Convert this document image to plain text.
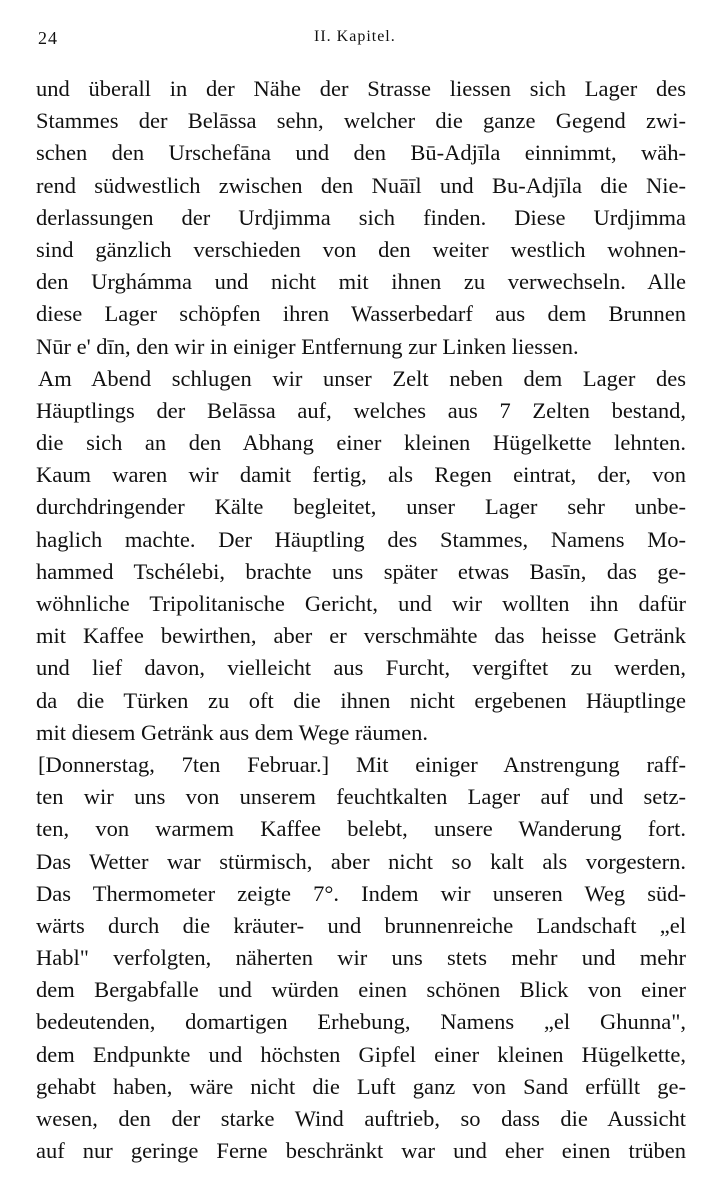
24	II. Kapitel.
und überall in der Nähe der Strasse liessen sich Lager des
Stammes der Belāssa sehn, welcher die ganze Gegend zwi-
schen den Urschefāna und den Bū-Adjīla einnimmt, wäh-
rend südwestlich zwischen den Nuāīl und Bu-Adjīla die Nie-
derlassungen der Urdjimma sich finden. Diese Urdjimma
sind gänzlich verschieden von den weiter westlich wohnen-
den Urghámma und nicht mit ihnen zu verwechseln. Alle
diese Lager schöpfen ihren Wasserbedarf aus dem Brunnen
Nūr e' dīn, den wir in einiger Entfernung zur Linken liessen.
Am Abend schlugen wir unser Zelt neben dem Lager des
Häuptlings der Belāssa auf, welches aus 7 Zelten bestand,
die sich an den Abhang einer kleinen Hügelkette lehnten.
Kaum waren wir damit fertig, als Regen eintrat, der, von
durchdringender Kälte begleitet, unser Lager sehr unbe-
haglich machte. Der Häuptling des Stammes, Namens Mo-
hammed Tschélebi, brachte uns später etwas Basīn, das ge-
wöhnliche Tripolitanische Gericht, und wir wollten ihn dafür
mit Kaffee bewirthen, aber er verschmähte das heisse Getränk
und lief davon, vielleicht aus Furcht, vergiftet zu werden,
da die Türken zu oft die ihnen nicht ergebenen Häuptlinge
mit diesem Getränk aus dem Wege räumen.
[Donnerstag, 7ten Februar.] Mit einiger Anstrengung raff-
ten wir uns von unserem feuchtkalten Lager auf und setz-
ten, von warmem Kaffee belebt, unsere Wanderung fort.
Das Wetter war stürmisch, aber nicht so kalt als vorgestern.
Das Thermometer zeigte 7°. Indem wir unseren Weg süd-
wärts durch die kräuter- und brunnenreiche Landschaft „el
Habl" verfolgten, näherten wir uns stets mehr und mehr
dem Bergabfalle und würden einen schönen Blick von einer
bedeutenden, domartigen Erhebung, Namens „el Ghunna",
dem Endpunkte und höchsten Gipfel einer kleinen Hügelkette,
gehabt haben, wäre nicht die Luft ganz von Sand erfüllt ge-
wesen, den der starke Wind auftrieb, so dass die Aussicht
auf nur geringe Ferne beschränkt war und eher einen trüben
